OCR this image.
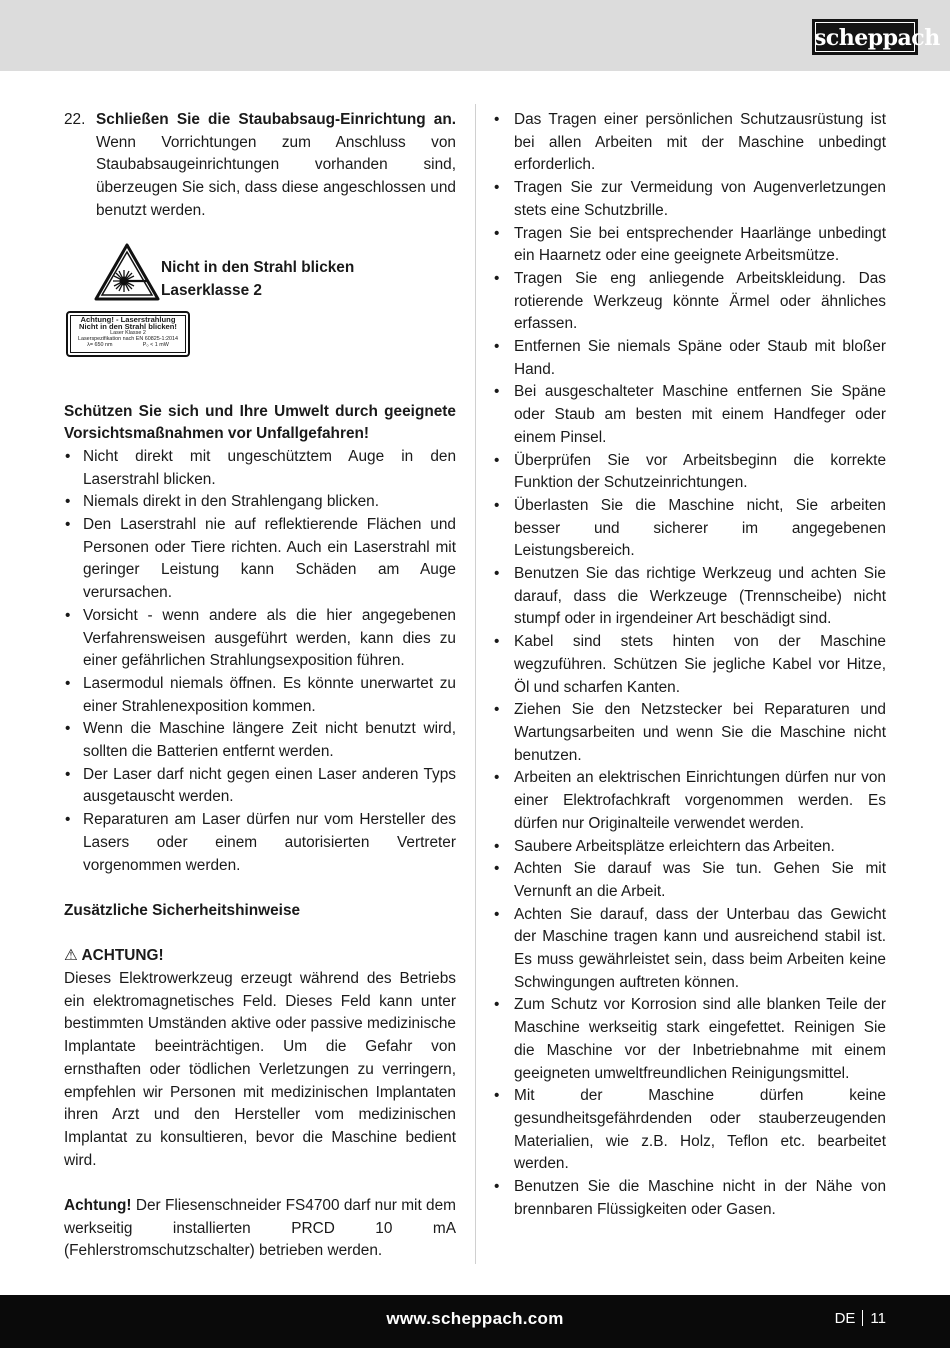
scheppach
22. Schließen Sie die Staubabsaug-Einrichtung an. Wenn Vorrichtungen zum Anschluss von Staubabsaugeinrichtungen vorhanden sind, überzeugen Sie sich, dass diese angeschlossen und benutzt werden.

Nicht in den Strahl blicken
Laserklasse 2
Achtung! - Laserstrahlung
Nicht in den Strahl blicken!
Laser Klasse 2
Laserspezifikation nach EN 60825-1:2014
λ= 650 nm	P₀ < 1 mW

Schützen Sie sich und Ihre Umwelt durch geeignete Vorsichtsmaßnahmen vor Unfallgefahren!

• Nicht direkt mit ungeschütztem Auge in den Laserstrahl blicken.
• Niemals direkt in den Strahlengang blicken.
• Den Laserstrahl nie auf reflektierende Flächen und Personen oder Tiere richten. Auch ein Laserstrahl mit geringer Leistung kann Schäden am Auge verursachen.
• Vorsicht - wenn andere als die hier angegebenen Verfahrensweisen ausgeführt werden, kann dies zu einer gefährlichen Strahlungsexposition führen.
• Lasermodul niemals öffnen. Es könnte unerwartet zu einer Strahlenexposition kommen.
• Wenn die Maschine längere Zeit nicht benutzt wird, sollten die Batterien entfernt werden.
• Der Laser darf nicht gegen einen Laser anderen Typs ausgetauscht werden.
• Reparaturen am Laser dürfen nur vom Hersteller des Lasers oder einem autorisierten Vertreter vorgenommen werden.

Zusätzliche Sicherheitshinweise

⚠ ACHTUNG!

Dieses Elektrowerkzeug erzeugt während des Betriebs ein elektromagnetisches Feld. Dieses Feld kann unter bestimmten Umständen aktive oder passive medizinische Implantate beeinträchtigen. Um die Gefahr von ernsthaften oder tödlichen Verletzungen zu verringern, empfehlen wir Personen mit medizinischen Implantaten ihren Arzt und den Hersteller vom medizinischen Implantat zu konsultieren, bevor die Maschine bedient wird.

Achtung! Der Fliesenschneider FS4700 darf nur mit dem werkseitig installierten PRCD 10 mA (Fehlerstromschutzschalter) betrieben werden.

• Das Tragen einer persönlichen Schutzausrüstung ist bei allen Arbeiten mit der Maschine unbedingt erforderlich.
• Tragen Sie zur Vermeidung von Augenverletzungen stets eine Schutzbrille.
• Tragen Sie bei entsprechender Haarlänge unbedingt ein Haarnetz oder eine geeignete Arbeitsmütze.
• Tragen Sie eng anliegende Arbeitskleidung. Das rotierende Werkzeug könnte Ärmel oder ähnliches erfassen.
• Entfernen Sie niemals Späne oder Staub mit bloßer Hand.
• Bei ausgeschalteter Maschine entfernen Sie Späne oder Staub am besten mit einem Handfeger oder einem Pinsel.
• Überprüfen Sie vor Arbeitsbeginn die korrekte Funktion der Schutzeinrichtungen.
• Überlasten Sie die Maschine nicht, Sie arbeiten besser und sicherer im angegebenen Leistungsbereich.
• Benutzen Sie das richtige Werkzeug und achten Sie darauf, dass die Werkzeuge (Trennscheibe) nicht stumpf oder in irgendeiner Art beschädigt sind.
• Kabel sind stets hinten von der Maschine wegzuführen. Schützen Sie jegliche Kabel vor Hitze, Öl und scharfen Kanten.
• Ziehen Sie den Netzstecker bei Reparaturen und Wartungsarbeiten und wenn Sie die Maschine nicht benutzen.
• Arbeiten an elektrischen Einrichtungen dürfen nur von einer Elektrofachkraft vorgenommen werden. Es dürfen nur Originalteile verwendet werden.
• Saubere Arbeitsplätze erleichtern das Arbeiten.
• Achten Sie darauf was Sie tun. Gehen Sie mit Vernunft an die Arbeit.
• Achten Sie darauf, dass der Unterbau das Gewicht der Maschine tragen kann und ausreichend stabil ist. Es muss gewährleistet sein, dass beim Arbeiten keine Schwingungen auftreten können.
• Zum Schutz vor Korrosion sind alle blanken Teile der Maschine werkseitig stark eingefettet. Reinigen Sie die Maschine vor der Inbetriebnahme mit einem geeigneten umweltfreundlichen Reinigungsmittel.
• Mit der Maschine dürfen keine gesundheitsgefährdenden oder stauberzeugenden Materialien, wie z.B. Holz, Teflon etc. bearbeitet werden.
• Benutzen Sie die Maschine nicht in der Nähe von brennbaren Flüssigkeiten oder Gasen.
www.scheppach.com	DE 11
